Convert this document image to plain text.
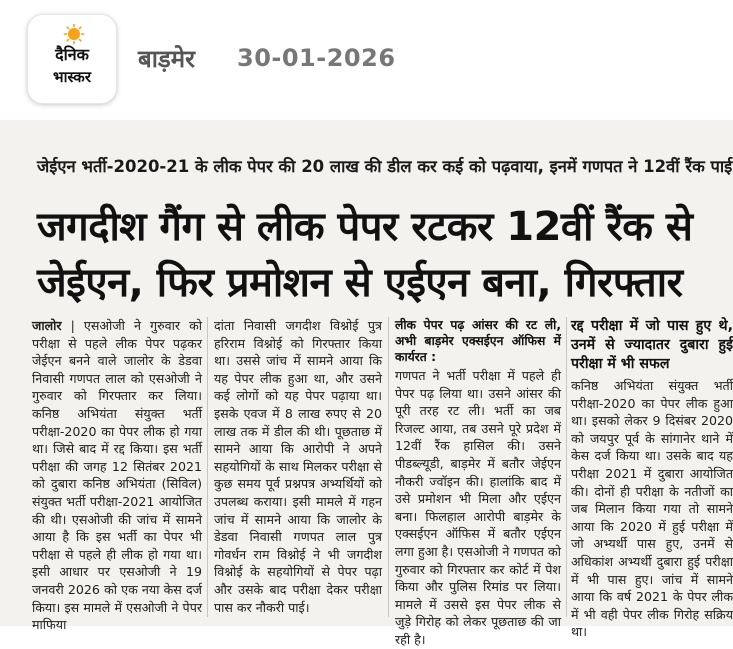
दैनिक
भास्कर
बाड़मेर 30-01-2026
जेईएन भर्ती-2020-21 के लीक पेपर की 20 लाख की डील कर कई को पढ़वाया, इनमें गणपत ने 12वीं रैंक पाई
जगदीश गैंग से लीक पेपर रटकर 12वीं रैंक से
जेईएन, फिर प्रमोशन से एईएन बना, गिरफ्तार
जालोर | एसओजी ने गुरुवार को परीक्षा से पहले लीक पेपर पढ़कर जेईएन बनने वाले जालोर के डेडवा निवासी गणपत लाल को एसओजी ने गुरुवार को गिरफ्तार कर लिया। कनिष्ठ अभियंता संयुक्त भर्ती परीक्षा-2020 का पेपर लीक हो गया था। जिसे बाद में रद्द किया। इस भर्ती परीक्षा की जगह 12 सितंबर 2021 को दुबारा कनिष्ठ अभियंता (सिविल) संयुक्त भर्ती परीक्षा-2021 आयोजित की थी। एसओजी की जांच में सामने आया है कि इस भर्ती का पेपर भी परीक्षा से पहले ही लीक हो गया था। इसी आधार पर एसओजी ने 19 जनवरी 2026 को एक नया केस दर्ज किया। इस मामले में एसओजी ने पेपर माफिया
दांता निवासी जगदीश विश्नोई पुत्र हरिराम विश्नोई को गिरफ्तार किया था। उससे जांच में सामने आया कि यह पेपर लीक हुआ था, और उसने कई लोगों को यह पेपर पढ़ाया था। इसके एवज में 8 लाख रुपए से 20 लाख तक में डील की थी। पूछताछ में सामने आया कि आरोपी ने अपने सहयोगियों के साथ मिलकर परीक्षा से कुछ समय पूर्व प्रश्नपत्र अभ्यर्थियों को उपलब्ध कराया। इसी मामले में गहन जांच में सामने आया कि जालोर के डेडवा निवासी गणपत लाल पुत्र गोवर्धन राम विश्नोई ने भी जगदीश विश्नोई के सहयोगियों से पेपर पढ़ा और उसके बाद परीक्षा देकर परीक्षा पास कर नौकरी पाई।
लीक पेपर पढ़ आंसर की रट ली, अभी बाड़मेर एक्सईएन ऑफिस में कार्यरत :
गणपत ने भर्ती परीक्षा में पहले ही पेपर पढ़ लिया था। उसने आंसर की पूरी तरह रट ली। भर्ती का जब रिजल्ट आया, तब उसने पूरे प्रदेश में 12वीं रैंक हासिल की। उसने पीडब्ल्यूडी, बाड़मेर में बतौर जेईएन नौकरी ज्वॉइन की। हालांकि बाद में उसे प्रमोशन भी मिला और एईएन बना। फिलहाल आरोपी बाड़मेर के एक्सईएन ऑफिस में बतौर एईएन लगा हुआ है। एसओजी ने गणपत को गुरुवार को गिरफ्तार कर कोर्ट में पेश किया और पुलिस रिमांड पर लिया। मामले में उससे इस पेपर लीक से जुड़े गिरोह को लेकर पूछताछ की जा रही है।
रद्द परीक्षा में जो पास हुए थे, उनमें से ज्यादातर दुबारा हुई परीक्षा में भी सफल
कनिष्ठ अभियंता संयुक्त भर्ती परीक्षा-2020 का पेपर लीक हुआ था। इसको लेकर 9 दिसंबर 2020 को जयपुर पूर्व के सांगानेर थाने में केस दर्ज किया था। उसके बाद यह परीक्षा 2021 में दुबारा आयोजित की। दोनों ही परीक्षा के नतीजों का जब मिलान किया गया तो सामने आया कि 2020 में हुई परीक्षा में जो अभ्यर्थी पास हुए, उनमें से अधिकांश अभ्यर्थी दुबारा हुई परीक्षा में भी पास हुए। जांच में सामने आया कि वर्ष 2021 के पेपर लीक में भी वही पेपर लीक गिरोह सक्रिय था।
